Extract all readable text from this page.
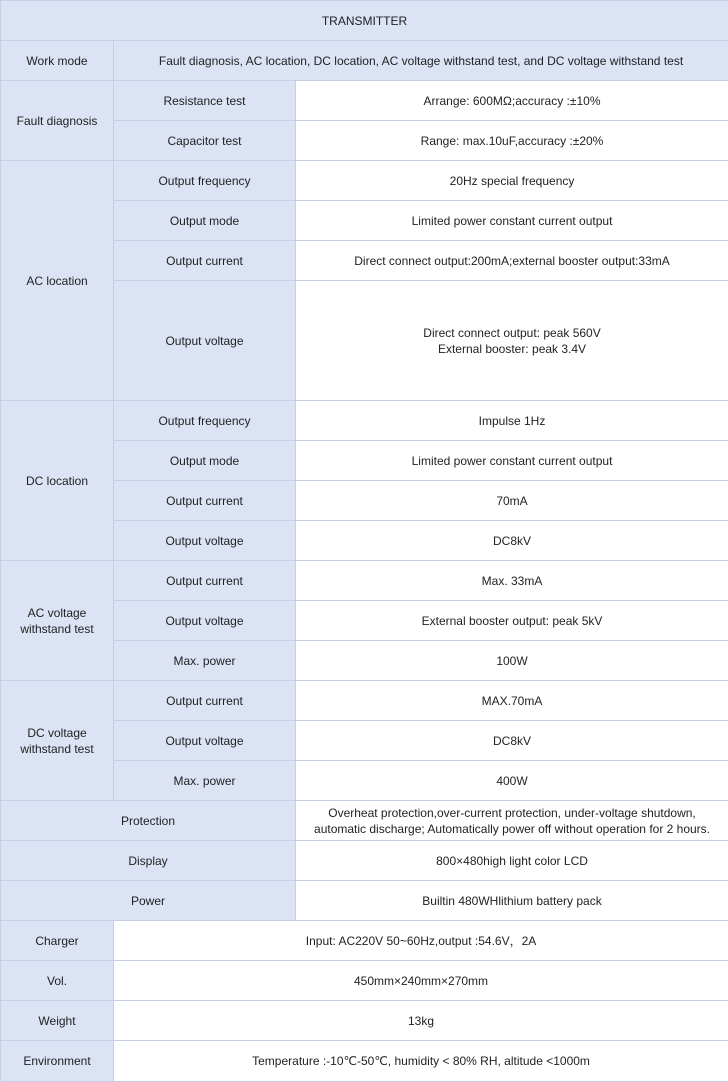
TRANSMITTER		
Work mode	Fault diagnosis, AC location, DC location, AC voltage withstand test, and DC voltage withstand test	
Fault diagnosis	Resistance test	Arrange: 600MΩ;accuracy :±10%
	Capacitor test	Range: max.10uF,accuracy :±20%
AC location	Output frequency	20Hz special frequency
	Output mode	Limited power constant current output
	Output current	Direct connect output:200mA;external booster output:33mA
	Output voltage	Direct connect output: peak 560V
External booster: peak 3.4V
DC location	Output frequency	Impulse 1Hz
	Output mode	Limited power constant current output
	Output current	70mA
	Output voltage	DC8kV
AC voltage
withstand test	Output current	Max. 33mA
	Output voltage	External booster output: peak 5kV
	Max. power	100W
DC voltage
withstand test	Output current	MAX.70mA
	Output voltage	DC8kV
	Max. power	400W
Protection		Overheat protection,over-current protection, under-voltage shutdown,
automatic discharge; Automatically power off without operation for 2 hours.
Display		800×480high light color LCD
Power		Builtin 480WHlithium battery pack
Charger	Input: AC220V 50~60Hz,output :54.6V，2A	
Vol.	450mm×240mm×270mm	
Weight	13kg	
Environment	Temperature :-10℃-50℃, humidity < 80% RH, altitude <1000m	
